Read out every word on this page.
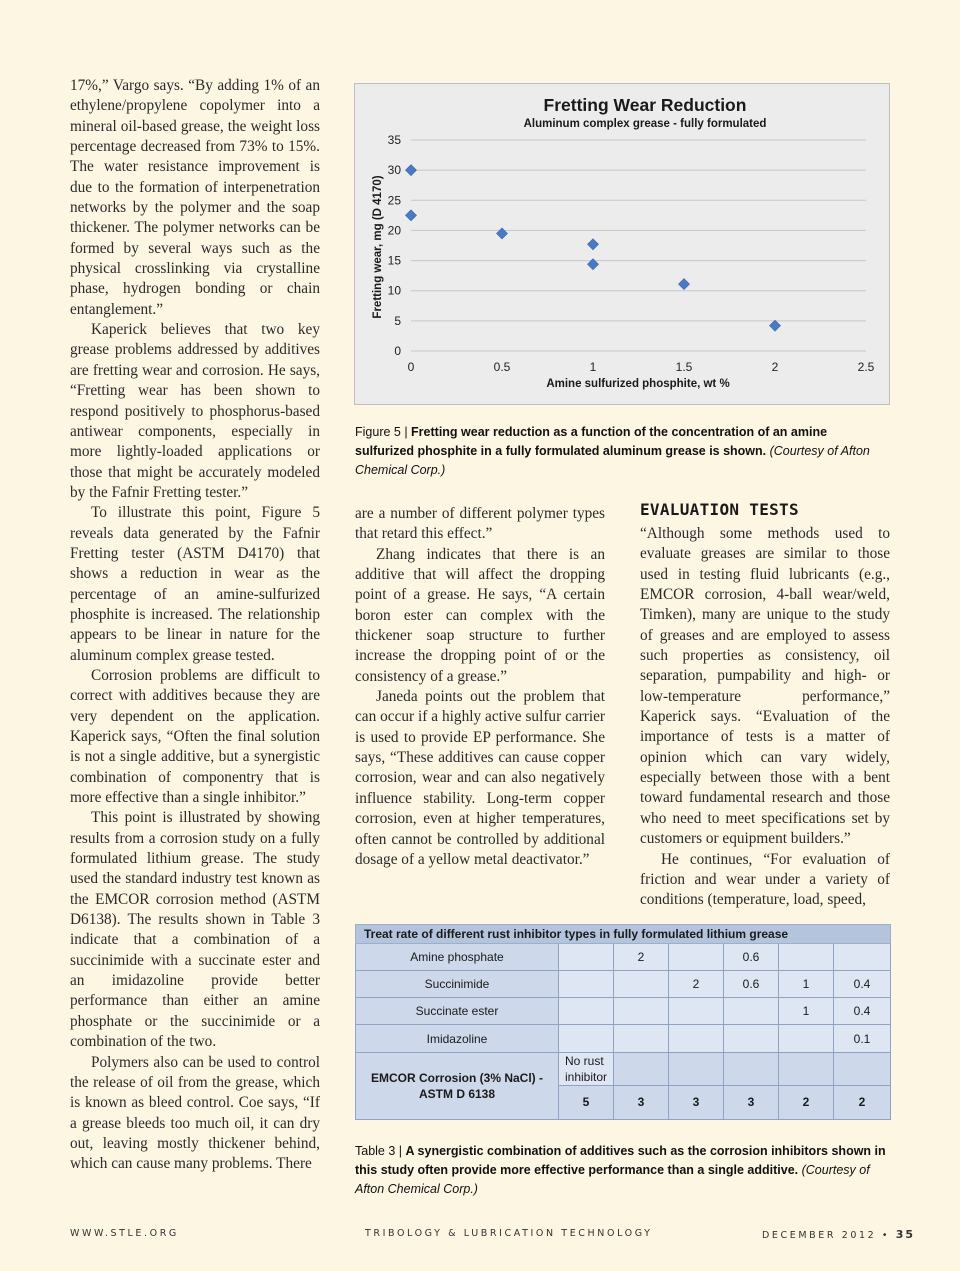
17%,” Vargo says. “By adding 1% of an ethylene/propylene copolymer into a mineral oil-based grease, the weight loss percentage decreased from 73% to 15%. The water resistance improvement is due to the formation of interpenetration networks by the polymer and the soap thickener. The polymer networks can be formed by several ways such as the physical crosslinking via crystalline phase, hydrogen bonding or chain entanglement.”

Kaperick believes that two key grease problems addressed by additives are fretting wear and corrosion. He says, “Fretting wear has been shown to respond positively to phosphorus-based antiwear components, especially in more lightly-loaded applications or those that might be accurately modeled by the Fafnir Fretting tester.”

To illustrate this point, Figure 5 reveals data generated by the Fafnir Fretting tester (ASTM D4170) that shows a reduction in wear as the percentage of an amine-sulfurized phosphite is increased. The relationship appears to be linear in nature for the aluminum complex grease tested.

Corrosion problems are difficult to correct with additives because they are very dependent on the application. Kaperick says, “Often the final solution is not a single additive, but a synergistic combination of componentry that is more effective than a single inhibitor.”

This point is illustrated by showing results from a corrosion study on a fully formulated lithium grease. The study used the standard industry test known as the EMCOR corrosion method (ASTM D6138). The results shown in Table 3 indicate that a combination of a succinimide with a succinate ester and an imidazoline provide better performance than either an amine phosphate or the succinimide or a combination of the two.

Polymers also can be used to control the release of oil from the grease, which is known as bleed control. Coe says, “If a grease bleeds too much oil, it can dry out, leaving mostly thickener behind, which can cause many problems. There

Fretting Wear Reduction
Aluminum complex grease - fully formulated
0
5
10
15
20
25
30
35
0	0.5	1	1.5	2	2.5
Amine sulfurized phosphite, wt %
Fretting wear, mg (D 4170)
Figure 5 | Fretting wear reduction as a function of the concentration of an amine sulfurized phosphite in a fully formulated aluminum grease is shown. (Courtesy of Afton Chemical Corp.)

are a number of different polymer types that retard this effect.”

Zhang indicates that there is an additive that will affect the dropping point of a grease. He says, “A certain boron ester can complex with the thickener soap structure to further increase the dropping point of or the consistency of a grease.”

Janeda points out the problem that can occur if a highly active sulfur carrier is used to provide EP performance. She says, “These additives can cause copper corrosion, wear and can also negatively influence stability. Long-term copper corrosion, even at higher temperatures, often cannot be controlled by additional dosage of a yellow metal deactivator.”

EVALUATION TESTS

“Although some methods used to evaluate greases are similar to those used in testing fluid lubricants (e.g., EMCOR corrosion, 4-ball wear/weld, Timken), many are unique to the study of greases and are employed to assess such properties as consistency, oil separation, pumpability and high- or low-temperature performance,” Kaperick says. “Evaluation of the importance of tests is a matter of opinion which can vary widely, especially between those with a bent toward fundamental research and those who need to meet specifications set by customers or equipment builders.”

He continues, “For evaluation of friction and wear under a variety of conditions (temperature, load, speed,

Treat rate of different rust inhibitor types in fully formulated lithium grease						
Amine phosphate		2		0.6		
Succinimide			2	0.6	1	0.4
Succinate ester					1	0.4
Imidazoline						0.1
EMCOR Corrosion (3% NaCl) - ASTM D 6138	No rust inhibitor					
	5	3	3	3	2	2
Table 3 | A synergistic combination of additives such as the corrosion inhibitors shown in this study often provide more effective performance than a single additive. (Courtesy of Afton Chemical Corp.)
WWW.STLE.ORG	TRIBOLOGY & LUBRICATION TECHNOLOGY	DECEMBER 2012 • 35
